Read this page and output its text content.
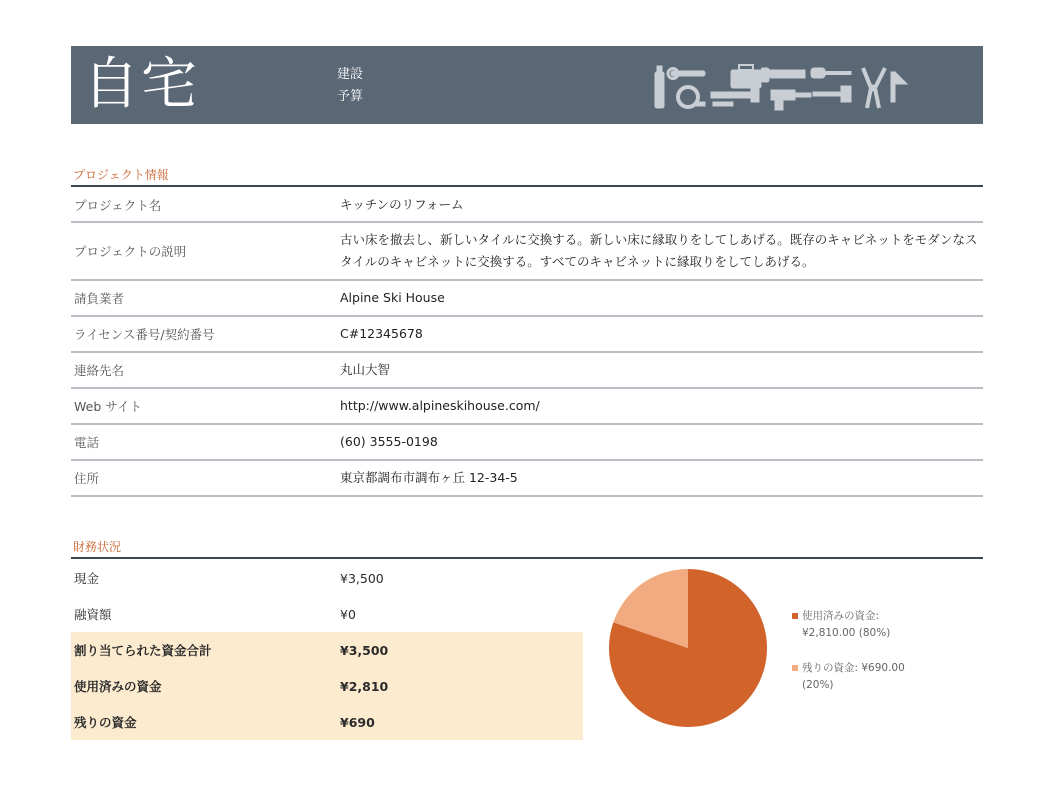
自宅	建設
予算
プロジェクト情報
プロジェクト名	キッチンのリフォーム
プロジェクトの説明
古い床を撤去し、新しいタイルに交換する。新しい床に縁取りをしてしあげる。既存のキャビネットをモダンなスタイルのキャビネットに交換する。すべてのキャビネットに縁取りをしてしあげる。
請負業者	Alpine Ski House
ライセンス番号/契約番号	C#12345678
連絡先名	丸山大智
Web サイト	http://www.alpineskihouse.com/
電話	(60) 3555-0198
住所	東京都調布市調布ヶ丘 12-34-5
財務状況
現金	¥3,500
融資額	¥0
割り当てられた資金合計	¥3,500
使用済みの資金	¥2,810
残りの資金	¥690
使用済みの資金:
¥2,810.00 (80%)
残りの資金: ¥690.00
(20%)
